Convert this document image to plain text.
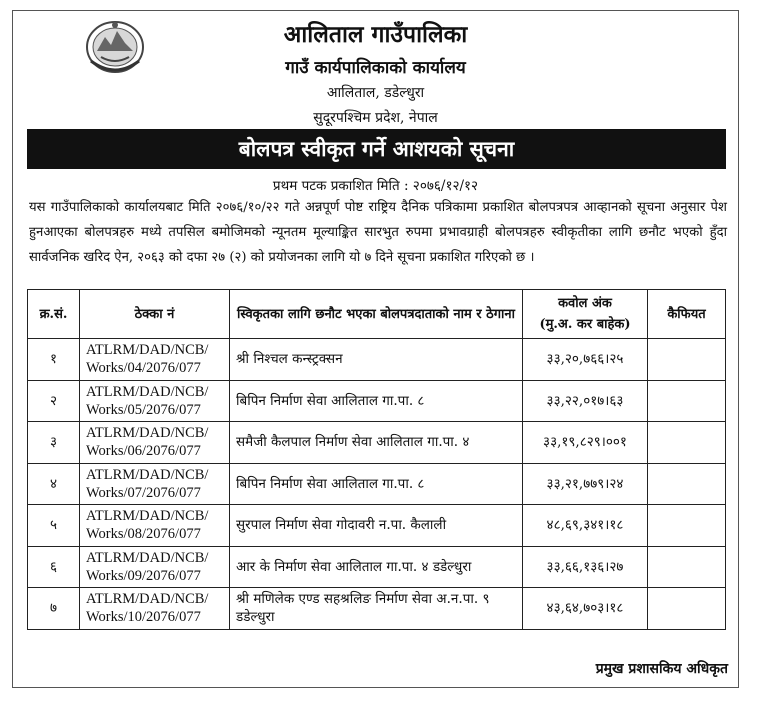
आलिताल गाउँपालिका
गाउँ कार्यपालिकाको कार्यालय
आलिताल, डडेल्धुरा
सुदूरपश्चिम प्रदेश, नेपाल
बोलपत्र स्वीकृत गर्ने आशयको सूचना
प्रथम पटक प्रकाशित मिति : २०७६/१२/१२
यस गाउँपालिकाको कार्यालयबाट मिति २०७६/१०/२२ गते अन्नपूर्ण पोष्ट राष्ट्रिय दैनिक पत्रिकामा प्रकाशित बोलपत्रपत्र आव्हानको सूचना अनुसार पेश हुनआएका बोलपत्रहरु मध्ये तपसिल बमोजिमको न्यूनतम मूल्याङ्कित सारभुत रुपमा प्रभावग्राही बोलपत्रहरु स्वीकृतीका लागि छनौट भएको हुँदा सार्वजनिक खरिद ऐन, २०६३ को दफा २७ (२) को प्रयोजनका लागि यो ७ दिने सूचना प्रकाशित गरिएको छ ।
क्र.सं.	ठेक्का नं	स्विकृतका लागि छनौट भएका बोलपत्रदाताको नाम र ठेगाना	कवोल अंक
(मु.अ. कर बाहेक)	कैफियत
१	ATLRM/DAD/NCB/
Works/04/2076/077	श्री निश्चल कन्स्ट्रक्सन	३३,२०,७६६।२५	
२	ATLRM/DAD/NCB/
Works/05/2076/077	बिपिन निर्माण सेवा आलिताल गा.पा. ८	३३,२२,०१७।६३	
३	ATLRM/DAD/NCB/
Works/06/2076/077	समैजी कैलपाल निर्माण सेवा आलिताल गा.पा. ४	३३,१९,८२९।००१	
४	ATLRM/DAD/NCB/
Works/07/2076/077	बिपिन निर्माण सेवा आलिताल गा.पा. ८	३३,२१,७७९।२४	
५	ATLRM/DAD/NCB/
Works/08/2076/077	सुरपाल निर्माण सेवा गोदावरी न.पा. कैलाली	४८,६९,३४१।१८	
६	ATLRM/DAD/NCB/
Works/09/2076/077	आर के निर्माण सेवा आलिताल गा.पा. ४ डडेल्धुरा	३३,६६,१३६।२७	
७	ATLRM/DAD/NCB/
Works/10/2076/077	श्री मणिलेक एण्ड सहश्रलिङ निर्माण सेवा अ.न.पा. ९ डडेल्धुरा	४३,६४,७०३।१८	
प्रमुख प्रशासकिय अधिकृत
